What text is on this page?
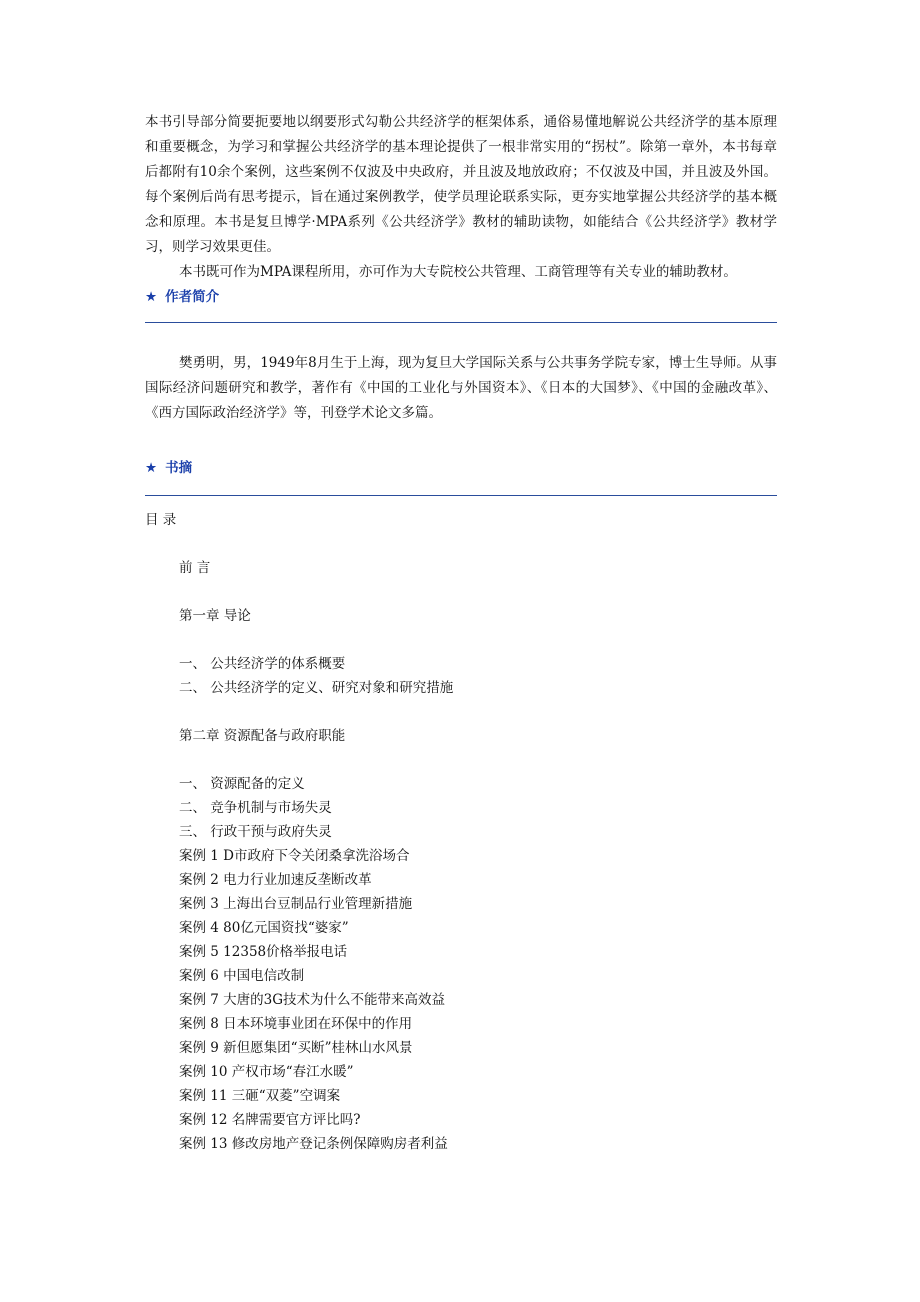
本书引导部分简要扼要地以纲要形式勾勒公共经济学的框架体系，通俗易懂地解说公共经济学的基本原理和重要概念，为学习和掌握公共经济学的基本理论提供了一根非常实用的“拐杖”。除第一章外，本书每章后都附有10余个案例，这些案例不仅波及中央政府，并且波及地放政府；不仅波及中国，并且波及外国。每个案例后尚有思考提示，旨在通过案例教学，使学员理论联系实际，更夯实地掌握公共经济学的基本概念和原理。本书是复旦博学·MPA系列《公共经济学》教材的辅助读物，如能结合《公共经济学》教材学习，则学习效果更佳。

本书既可作为MPA课程所用，亦可作为大专院校公共管理、工商管理等有关专业的辅助教材。

★ 作者简介

樊勇明，男，1949年8月生于上海，现为复旦大学国际关系与公共事务学院专家，博士生导师。从事国际经济问题研究和教学，著作有《中国的工业化与外国资本》、《日本的大国梦》、《中国的金融改革》、《西方国际政治经济学》等，刊登学术论文多篇。

★ 书摘
目 录
前 言
第一章 导论
一、 公共经济学的体系概要
二、 公共经济学的定义、研究对象和研究措施
第二章 资源配备与政府职能
一、 资源配备的定义
二、 竞争机制与市场失灵
三、 行政干预与政府失灵
案例 1 D市政府下令关闭桑拿洗浴场合
案例 2 电力行业加速反垄断改革
案例 3 上海出台豆制品行业管理新措施
案例 4 80亿元国资找“婆家”
案例 5 12358价格举报电话
案例 6 中国电信改制
案例 7 大唐的3G技术为什么不能带来高效益
案例 8 日本环境事业团在环保中的作用
案例 9 新但愿集团“买断”桂林山水风景
案例 10 产权市场“春江水暖”
案例 11 三砸“双菱”空调案
案例 12 名牌需要官方评比吗?
案例 13 修改房地产登记条例保障购房者利益
